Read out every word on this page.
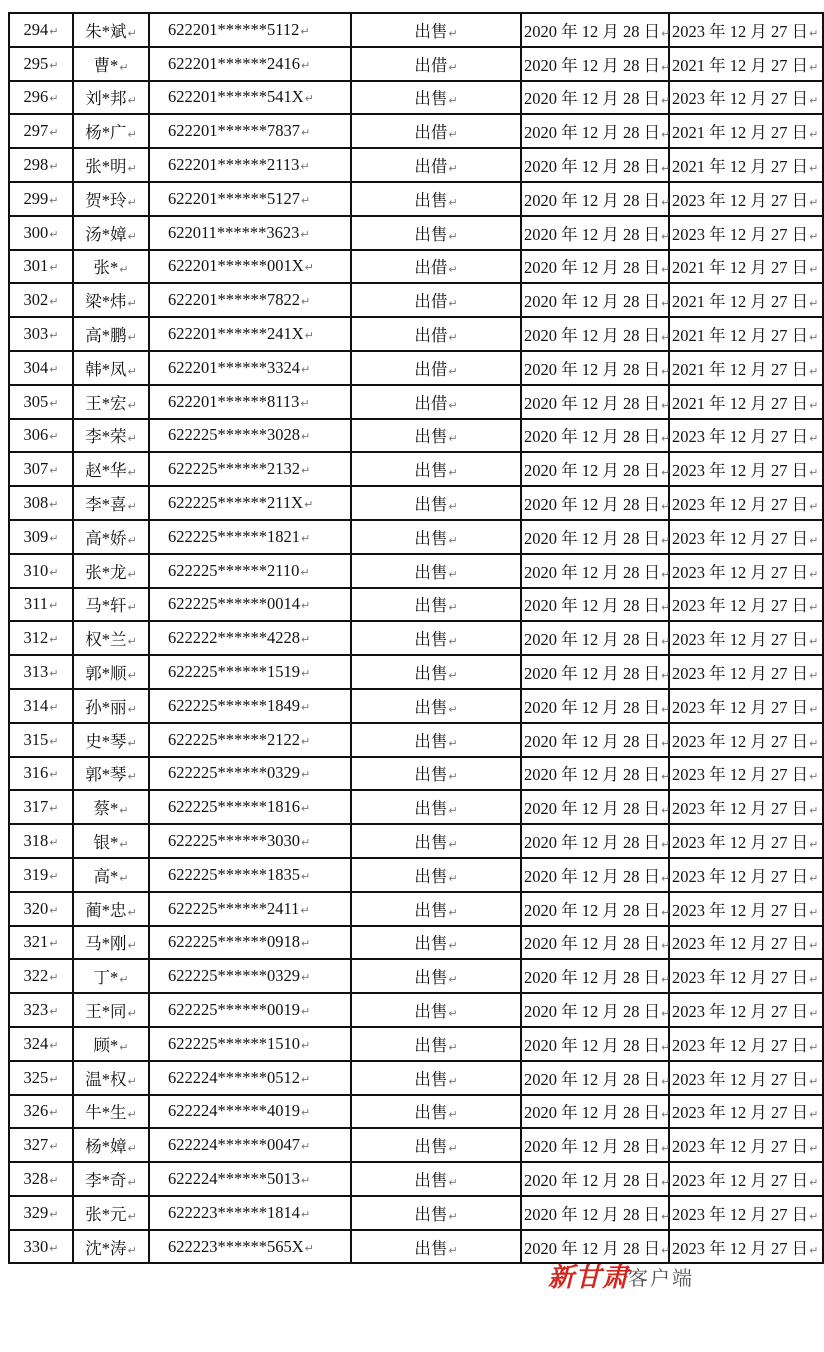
294↵	朱*斌↵	622201******5112↵	出售↵	2020 年 12 月 28 日↵	2023 年 12 月 27 日↵
295↵	曹*↵	622201******2416↵	出借↵	2020 年 12 月 28 日↵	2021 年 12 月 27 日↵
296↵	刘*邦↵	622201******541X↵	出售↵	2020 年 12 月 28 日↵	2023 年 12 月 27 日↵
297↵	杨*广↵	622201******7837↵	出借↵	2020 年 12 月 28 日↵	2021 年 12 月 27 日↵
298↵	张*明↵	622201******2113↵	出借↵	2020 年 12 月 28 日↵	2021 年 12 月 27 日↵
299↵	贺*玲↵	622201******5127↵	出售↵	2020 年 12 月 28 日↵	2023 年 12 月 27 日↵
300↵	汤*嫜↵	622011******3623↵	出售↵	2020 年 12 月 28 日↵	2023 年 12 月 27 日↵
301↵	张*↵	622201******001X↵	出借↵	2020 年 12 月 28 日↵	2021 年 12 月 27 日↵
302↵	梁*炜↵	622201******7822↵	出借↵	2020 年 12 月 28 日↵	2021 年 12 月 27 日↵
303↵	高*鹏↵	622201******241X↵	出借↵	2020 年 12 月 28 日↵	2021 年 12 月 27 日↵
304↵	韩*凤↵	622201******3324↵	出借↵	2020 年 12 月 28 日↵	2021 年 12 月 27 日↵
305↵	王*宏↵	622201******8113↵	出借↵	2020 年 12 月 28 日↵	2021 年 12 月 27 日↵
306↵	李*荣↵	622225******3028↵	出售↵	2020 年 12 月 28 日↵	2023 年 12 月 27 日↵
307↵	赵*华↵	622225******2132↵	出售↵	2020 年 12 月 28 日↵	2023 年 12 月 27 日↵
308↵	李*喜↵	622225******211X↵	出售↵	2020 年 12 月 28 日↵	2023 年 12 月 27 日↵
309↵	高*娇↵	622225******1821↵	出售↵	2020 年 12 月 28 日↵	2023 年 12 月 27 日↵
310↵	张*龙↵	622225******2110↵	出售↵	2020 年 12 月 28 日↵	2023 年 12 月 27 日↵
311↵	马*轩↵	622225******0014↵	出售↵	2020 年 12 月 28 日↵	2023 年 12 月 27 日↵
312↵	权*兰↵	622222******4228↵	出售↵	2020 年 12 月 28 日↵	2023 年 12 月 27 日↵
313↵	郭*顺↵	622225******1519↵	出售↵	2020 年 12 月 28 日↵	2023 年 12 月 27 日↵
314↵	孙*丽↵	622225******1849↵	出售↵	2020 年 12 月 28 日↵	2023 年 12 月 27 日↵
315↵	史*琴↵	622225******2122↵	出售↵	2020 年 12 月 28 日↵	2023 年 12 月 27 日↵
316↵	郭*琴↵	622225******0329↵	出售↵	2020 年 12 月 28 日↵	2023 年 12 月 27 日↵
317↵	蔡*↵	622225******1816↵	出售↵	2020 年 12 月 28 日↵	2023 年 12 月 27 日↵
318↵	银*↵	622225******3030↵	出售↵	2020 年 12 月 28 日↵	2023 年 12 月 27 日↵
319↵	高*↵	622225******1835↵	出售↵	2020 年 12 月 28 日↵	2023 年 12 月 27 日↵
320↵	蔺*忠↵	622225******2411↵	出售↵	2020 年 12 月 28 日↵	2023 年 12 月 27 日↵
321↵	马*刚↵	622225******0918↵	出售↵	2020 年 12 月 28 日↵	2023 年 12 月 27 日↵
322↵	丁*↵	622225******0329↵	出售↵	2020 年 12 月 28 日↵	2023 年 12 月 27 日↵
323↵	王*同↵	622225******0019↵	出售↵	2020 年 12 月 28 日↵	2023 年 12 月 27 日↵
324↵	顾*↵	622225******1510↵	出售↵	2020 年 12 月 28 日↵	2023 年 12 月 27 日↵
325↵	温*权↵	622224******0512↵	出售↵	2020 年 12 月 28 日↵	2023 年 12 月 27 日↵
326↵	牛*生↵	622224******4019↵	出售↵	2020 年 12 月 28 日↵	2023 年 12 月 27 日↵
327↵	杨*嫜↵	622224******0047↵	出售↵	2020 年 12 月 28 日↵	2023 年 12 月 27 日↵
328↵	李*奇↵	622224******5013↵	出售↵	2020 年 12 月 28 日↵	2023 年 12 月 27 日↵
329↵	张*元↵	622223******1814↵	出售↵	2020 年 12 月 28 日↵	2023 年 12 月 27 日↵
330↵	沈*涛↵	622223******565X↵	出售↵	2020 年 12 月 28 日↵	2023 年 12 月 27 日↵
新甘肃
客户端
